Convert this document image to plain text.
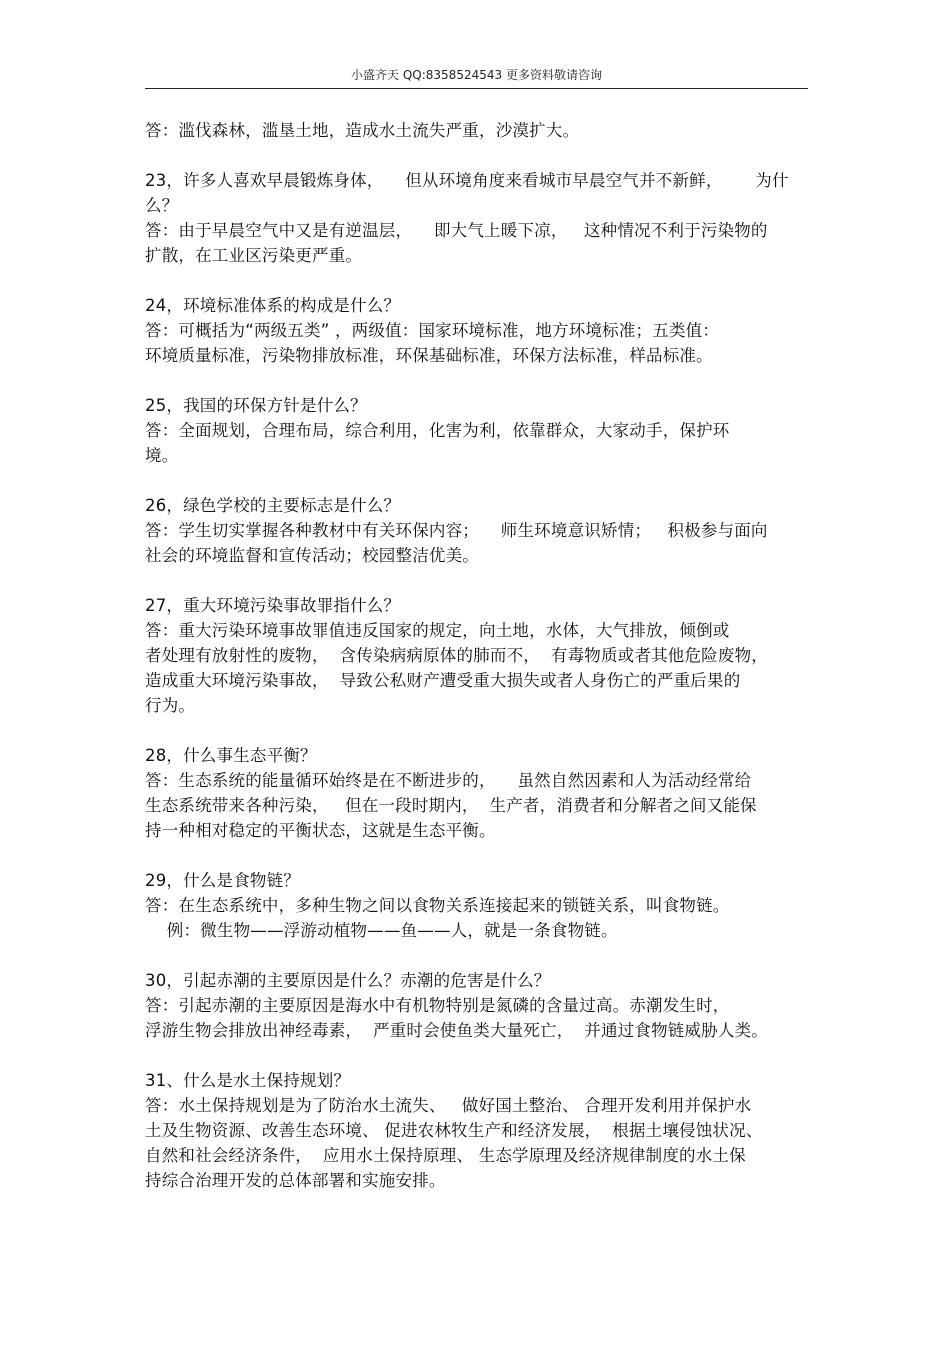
小盛齐天 QQ:8358524543 更多资料敬请咨询
答：滥伐森林，滥垦土地，造成水土流失严重，沙漠扩大。
23，许多人喜欢早晨锻炼身体，    但从环境角度来看城市早晨空气并不新鲜，      为什
么？
答：由于早晨空气中又是有逆温层，    即大气上暖下凉，   这种情况不利于污染物的
扩散，在工业区污染更严重。
24，环境标准体系的构成是什么？
答：可概括为“两级五类” ，两级值：国家环境标准，地方环境标准；五类值：
环境质量标准，污染物排放标准，环保基础标准，环保方法标准，样品标准。
25，我国的环保方针是什么？
答：全面规划，合理布局，综合利用，化害为利，依靠群众，大家动手，保护环
境。
26，绿色学校的主要标志是什么？
答：学生切实掌握各种教材中有关环保内容；    师生环境意识矫情；   积极参与面向
社会的环境监督和宣传活动；校园整洁优美。
27，重大环境污染事故罪指什么？
答：重大污染环境事故罪值违反国家的规定，向土地，水体，大气排放，倾倒或
者处理有放射性的废物，  含传染病病原体的肺而不，  有毒物质或者其他危险废物，
造成重大环境污染事故，  导致公私财产遭受重大损失或者人身伤亡的严重后果的
行为。
28，什么事生态平衡？
答：生态系统的能量循环始终是在不断进步的，    虽然自然因素和人为活动经常给
生态系统带来各种污染，   但在一段时期内，  生产者，消费者和分解者之间又能保
持一种相对稳定的平衡状态，这就是生态平衡。
29，什么是食物链？
答：在生态系统中，多种生物之间以食物关系连接起来的锁链关系，叫食物链。
例：微生物——浮游动植物——鱼——人，就是一条食物链。
30，引起赤潮的主要原因是什么？赤潮的危害是什么？
答：引起赤潮的主要原因是海水中有机物特别是氮磷的含量过高。赤潮发生时，
浮游生物会排放出神经毒素，  严重时会使鱼类大量死亡，  并通过食物链威胁人类。
31、什么是水土保持规划？
答：水土保持规划是为了防治水土流失、   做好国土整治、 合理开发利用并保护水
土及生物资源、改善生态环境、 促进农林牧生产和经济发展，  根据土壤侵蚀状况、
自然和社会经济条件，  应用水土保持原理、 生态学原理及经济规律制度的水土保
持综合治理开发的总体部署和实施安排。
